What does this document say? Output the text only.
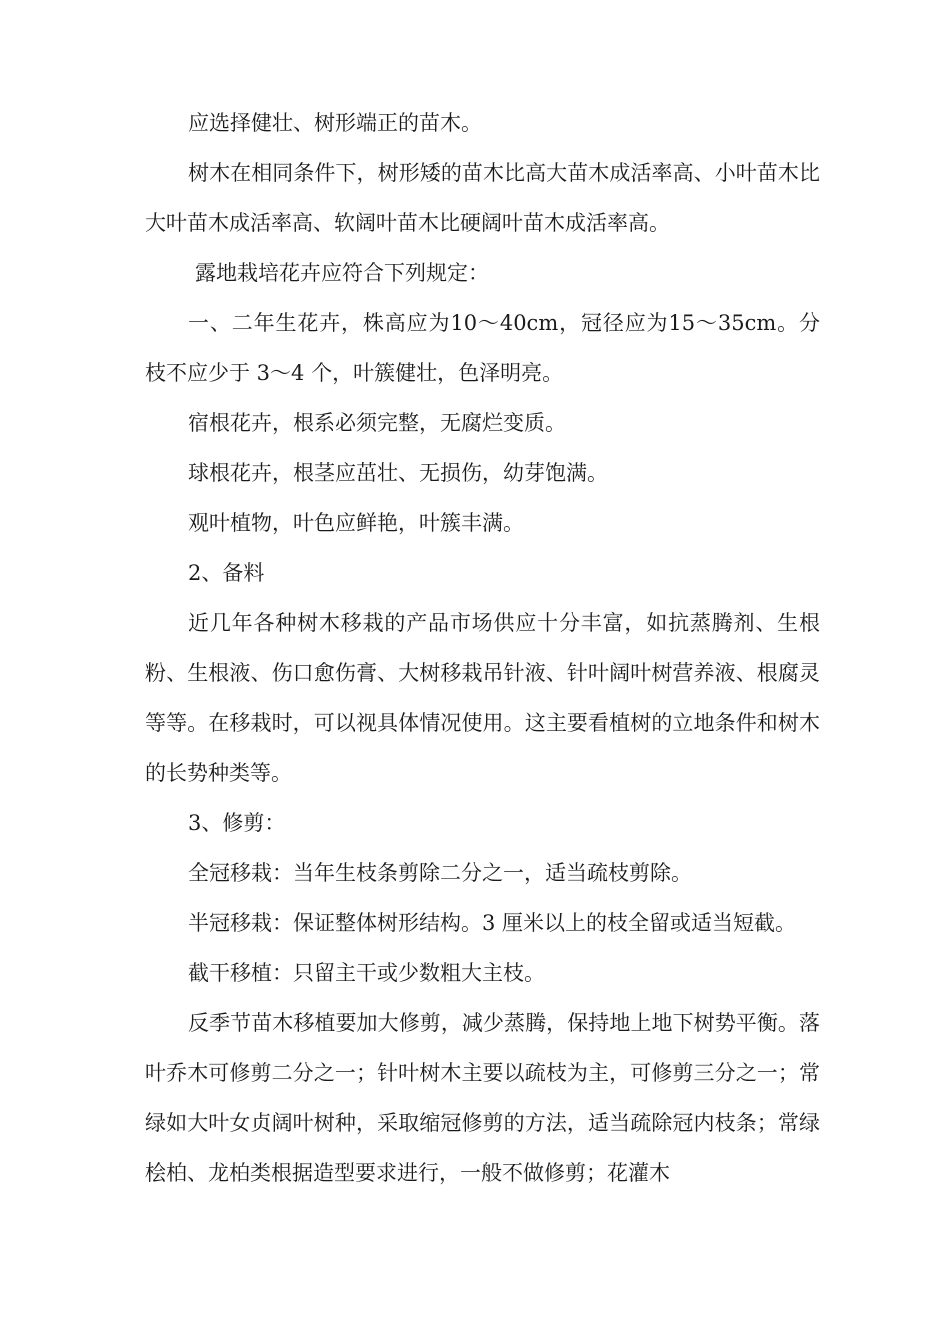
应选择健壮、树形端正的苗木。

树木在相同条件下，树形矮的苗木比高大苗木成活率高、小叶苗木比大叶苗木成活率高、软阔叶苗木比硬阔叶苗木成活率高。

露地栽培花卉应符合下列规定：

一、二年生花卉，株高应为10～40cm，冠径应为15～35cm。分枝不应少于 3～4 个，叶簇健壮，色泽明亮。

宿根花卉，根系必须完整，无腐烂变质。

球根花卉，根茎应茁壮、无损伤，幼芽饱满。

观叶植物，叶色应鲜艳，叶簇丰满。

2、备料

近几年各种树木移栽的产品市场供应十分丰富，如抗蒸腾剂、生根粉、生根液、伤口愈伤膏、大树移栽吊针液、针叶阔叶树营养液、根腐灵等等。在移栽时，可以视具体情况使用。这主要看植树的立地条件和树木的长势种类等。

3、修剪：

全冠移栽：当年生枝条剪除二分之一，适当疏枝剪除。

半冠移栽：保证整体树形结构。3 厘米以上的枝全留或适当短截。

截干移植：只留主干或少数粗大主枝。

反季节苗木移植要加大修剪，减少蒸腾，保持地上地下树势平衡。落叶乔木可修剪二分之一；针叶树木主要以疏枝为主，可修剪三分之一；常绿如大叶女贞阔叶树种，采取缩冠修剪的方法，适当疏除冠内枝条；常绿桧柏、龙柏类根据造型要求进行，一般不做修剪；花灌木
